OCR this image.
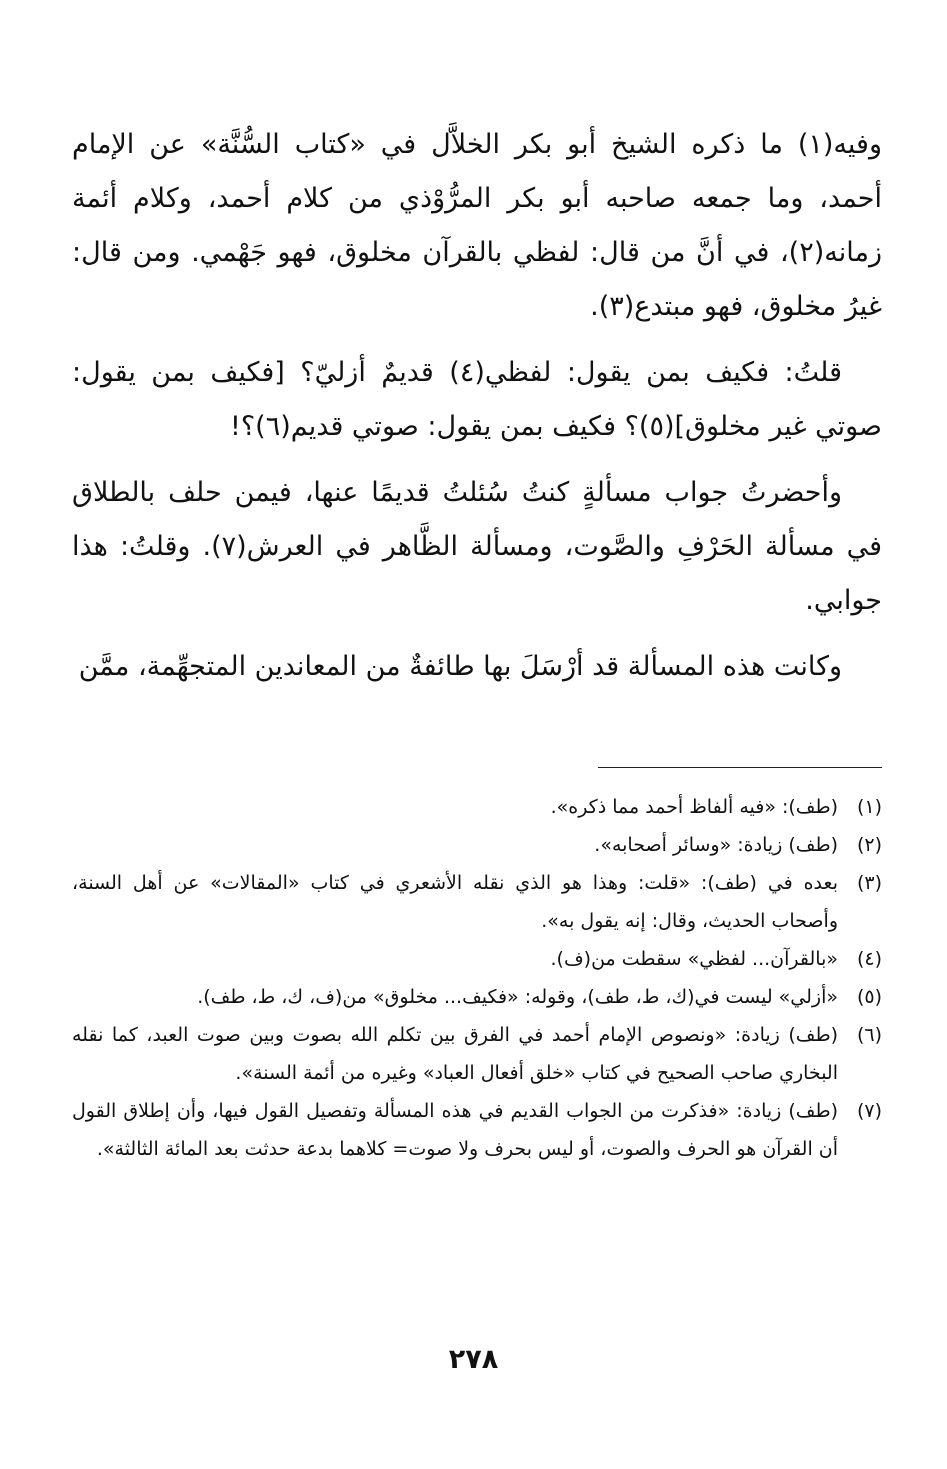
وفيه(١) ما ذكره الشيخ أبو بكر الخلاَّل في «كتاب السُّنَّة» عن الإمام أحمد، وما جمعه صاحبه أبو بكر المرُّوْذي من كلام أحمد، وكلام أئمة زمانه(٢)، في أنَّ من قال: لفظي بالقرآن مخلوق، فهو جَهْمي. ومن قال: غيرُ مخلوق، فهو مبتدع(٣).

قلتُ: فكيف بمن يقول: لفظي(٤) قديمٌ أزليّ؟ [فكيف بمن يقول: صوتي غير مخلوق](٥)؟ فكيف بمن يقول: صوتي قديم(٦)؟!

وأحضرتُ جواب مسألةٍ كنتُ سُئلتُ قديمًا عنها، فيمن حلف بالطلاق في مسألة الحَرْفِ والصَّوت، ومسألة الظَّاهر في العرش(٧). وقلتُ: هذا جوابي.

وكانت هذه المسألة قد أرْسَلَ بها طائفةٌ من المعاندين المتجهِّمة، ممَّن

(١)
(طف): «فيه ألفاظ أحمد مما ذكره».
(٢)
(طف) زيادة: «وسائر أصحابه».
(٣)
بعده في (طف): «قلت: وهذا هو الذي نقله الأشعري في كتاب «المقالات» عن أهل السنة، وأصحاب الحديث، وقال: إنه يقول به».
(٤)
«بالقرآن... لفظي» سقطت من(ف).
(٥)
«أزلي» ليست في(ك، ط، طف)، وقوله: «فكيف... مخلوق» من(ف، ك، ط، طف).
(٦)
(طف) زيادة: «ونصوص الإمام أحمد في الفرق بين تكلم الله بصوت وبين صوت العبد، كما نقله البخاري صاحب الصحيح في كتاب «خلق أفعال العباد» وغيره من أئمة السنة».
(٧)
(طف) زيادة: «فذكرت من الجواب القديم في هذه المسألة وتفصيل القول فيها، وأن إطلاق القول أن القرآن هو الحرف والصوت، أو ليس بحرف ولا صوت= كلاهما بدعة حدثت بعد المائة الثالثة».
٢٧٨
